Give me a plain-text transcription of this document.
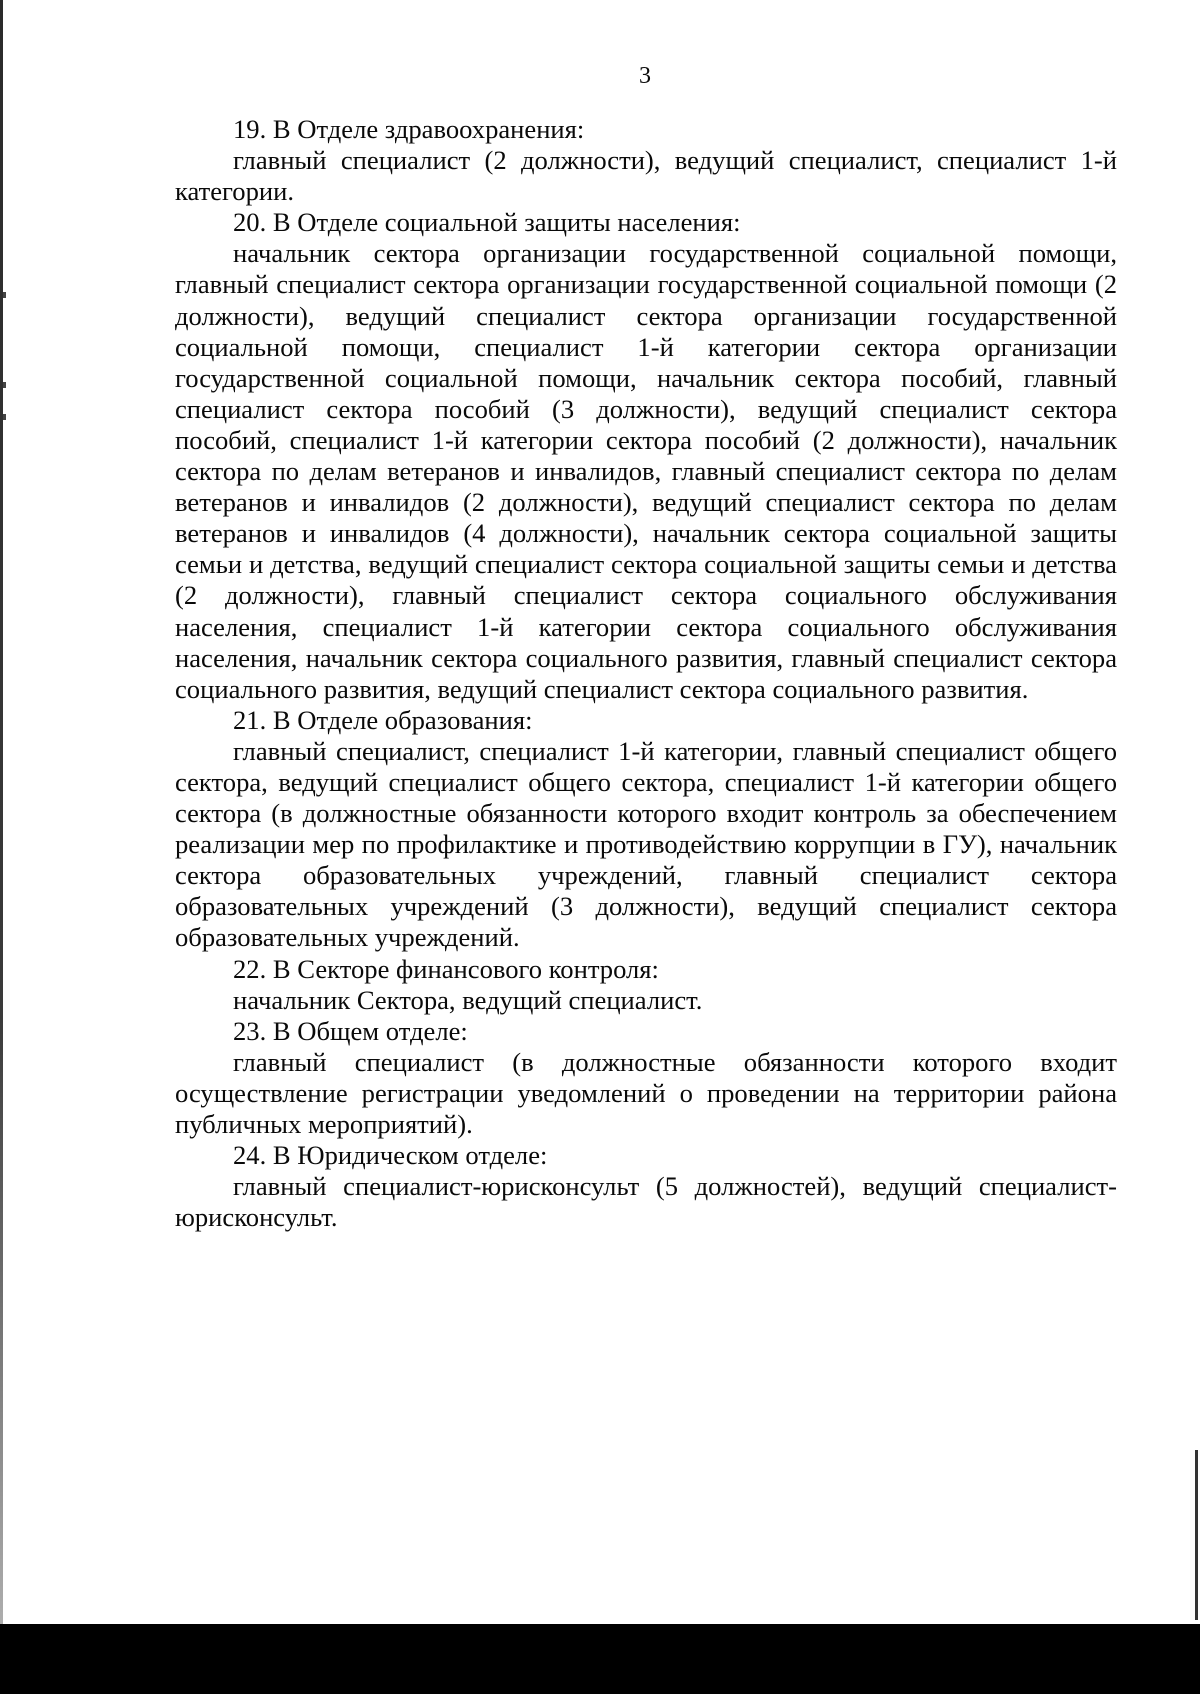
3

19. В Отделе здравоохранения:

главный специалист (2 должности), ведущий специалист, специалист 1-й категории.

20. В Отделе социальной защиты населения:

начальник сектора организации государственной социальной помощи, главный специалист сектора организации государственной социальной помощи (2 должности), ведущий специалист сектора организации государственной социальной помощи, специалист 1-й категории сектора организации государственной социальной помощи, начальник сектора пособий, главный специалист сектора пособий (3 должности), ведущий специалист сектора пособий, специалист 1-й категории сектора пособий (2 должности), начальник сектора по делам ветеранов и инвалидов, главный специалист сектора по делам ветеранов и инвалидов (2 должности), ведущий специалист сектора по делам ветеранов и инвалидов (4 должности), начальник сектора социальной защиты семьи и детства, ведущий специалист сектора социальной защиты семьи и детства (2 должности), главный специалист сектора социального обслуживания населения, специалист 1-й категории сектора социального обслуживания населения, начальник сектора социального развития, главный специалист сектора социального развития, ведущий специалист сектора социального развития.

21. В Отделе образования:

главный специалист, специалист 1-й категории, главный специалист общего сектора, ведущий специалист общего сектора, специалист 1-й категории общего сектора (в должностные обязанности которого входит контроль за обеспечением реализации мер по профилактике и противодействию коррупции в ГУ), начальник сектора образовательных учреждений, главный специалист сектора образовательных учреждений (3 должности), ведущий специалист сектора образовательных учреждений.

22. В Секторе финансового контроля:

начальник Сектора, ведущий специалист.

23. В Общем отделе:

главный специалист (в должностные обязанности которого входит осуществление регистрации уведомлений о проведении на территории района публичных мероприятий).

24. В Юридическом отделе:

главный специалист-юрисконсульт (5 должностей), ведущий специалист-юрисконсульт.
